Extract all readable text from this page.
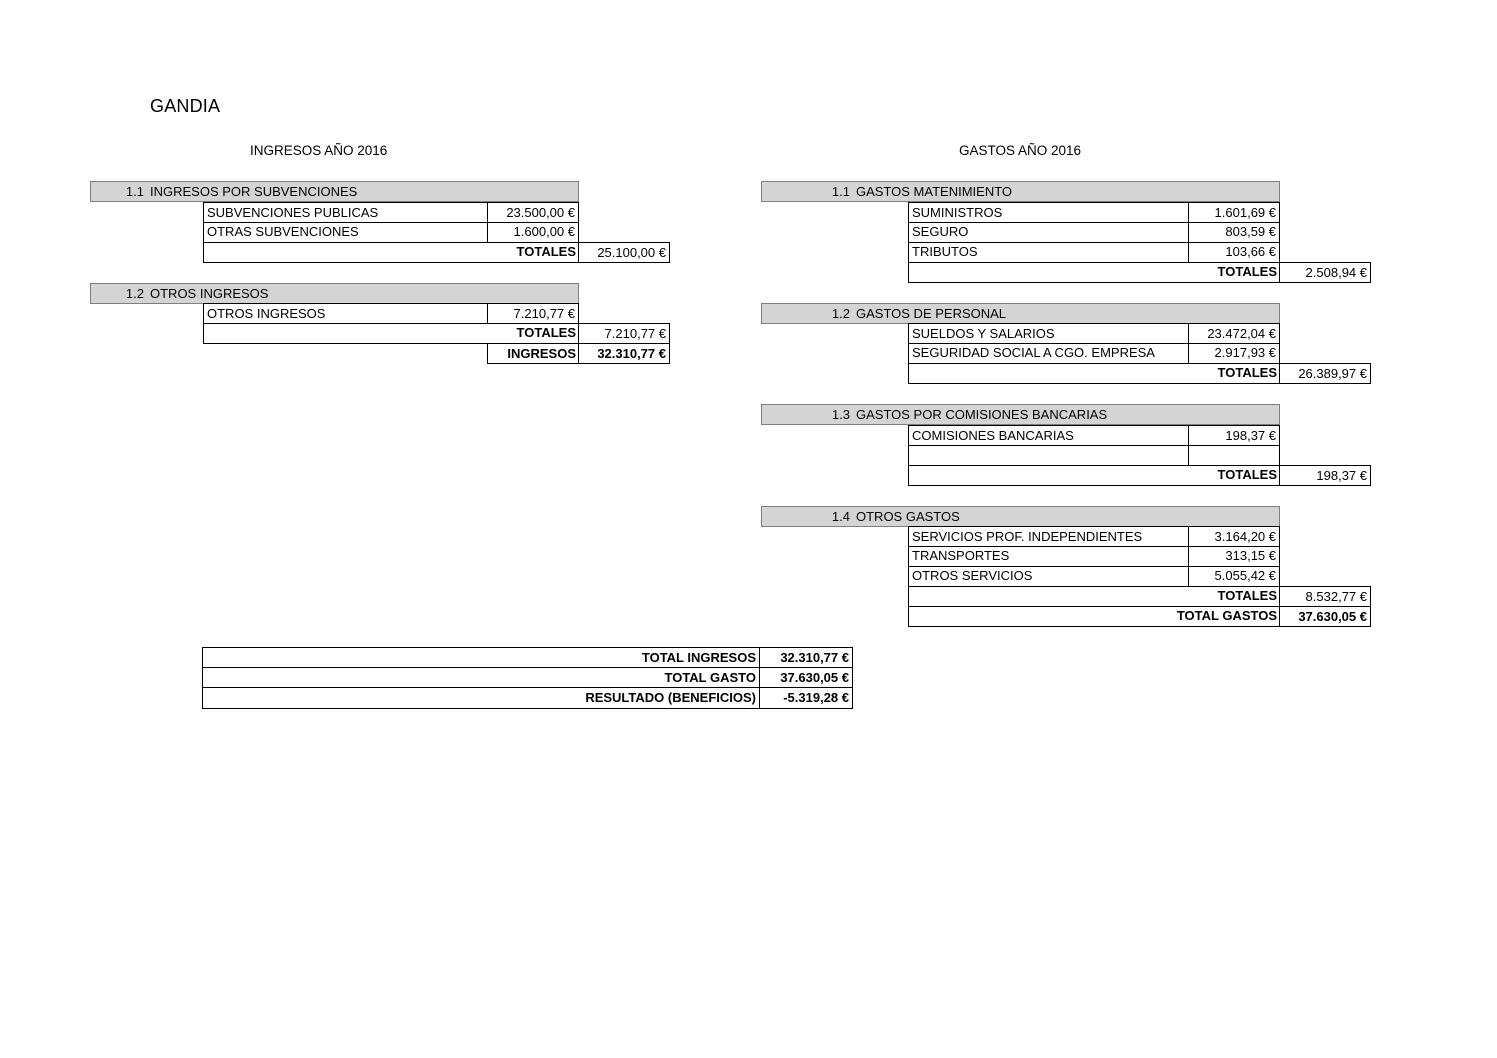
GANDIA
INGRESOS AÑO 2016	GASTOS AÑO 2016
1.1 INGRESOS POR SUBVENCIONES
SUBVENCIONES PUBLICAS	23.500,00 €
OTRAS SUBVENCIONES	1.600,00 €
TOTALES	25.100,00 €
1.2 OTROS INGRESOS
OTROS INGRESOS	7.210,77 €
TOTALES	7.210,77 €
INGRESOS	32.310,77 €
1.1 GASTOS MATENIMIENTO
SUMINISTROS	1.601,69 €
SEGURO	803,59 €
TRIBUTOS	103,66 €
TOTALES	2.508,94 €
1.2 GASTOS DE PERSONAL
SUELDOS Y SALARIOS	23.472,04 €
SEGURIDAD SOCIAL A CGO. EMPRESA	2.917,93 €
TOTALES	26.389,97 €
1.3 GASTOS POR COMISIONES BANCARIAS
COMISIONES BANCARIAS	198,37 €
TOTALES	198,37 €
1.4 OTROS GASTOS
SERVICIOS PROF. INDEPENDIENTES	3.164,20 €
TRANSPORTES	313,15 €
OTROS SERVICIOS	5.055,42 €
TOTALES	8.532,77 €
TOTAL GASTOS	37.630,05 €
TOTAL INGRESOS	32.310,77 €
TOTAL GASTO	37.630,05 €
RESULTADO (BENEFICIOS)	-5.319,28 €
